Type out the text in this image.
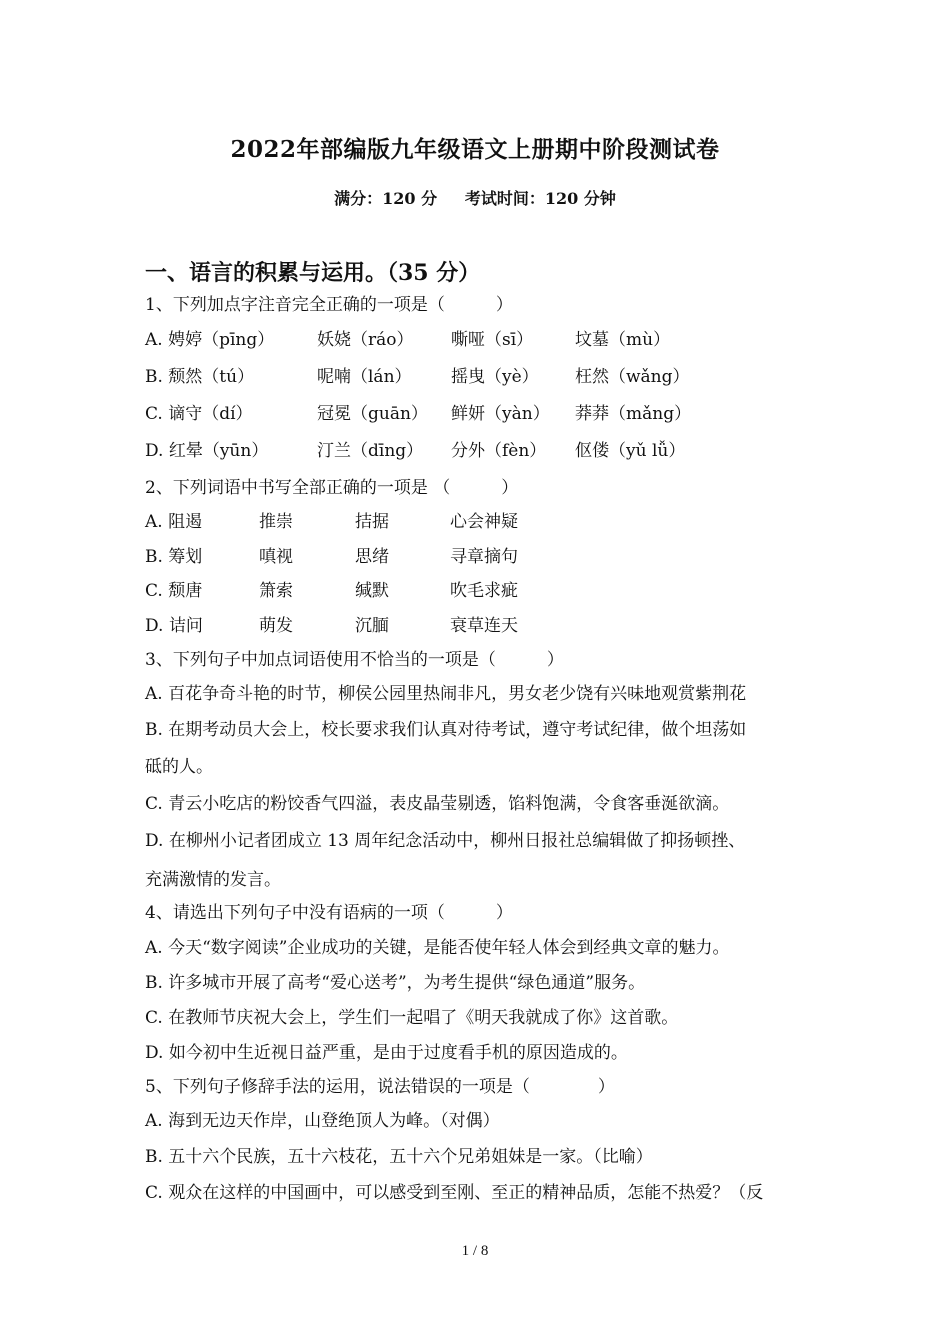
2022年部编版九年级语文上册期中阶段测试卷
满分：120 分     考试时间：120 分钟
一、语言的积累与运用。（35 分）
1、下列加点字注音完全正确的一项是（　　　）
A. 娉婷（pīng）	妖娆（ráo） 嘶哑（sī） 坟墓（mù）
B. 颓然（tú）	呢喃（lán） 摇曳（yè） 枉然（wǎng）
C. 谪守（dí）	冠冕（guān） 鲜妍（yàn） 莽莽（mǎng）
D. 红晕（yūn）	汀兰（dīng） 分外（fèn） 伛偻（yǔ lǚ）
2、下列词语中书写全部正确的一项是 （　　　）
A. 阻遏	推崇	拮据	心会神疑
B. 筹划	嗔视	思绪	寻章摘句
C. 颓唐	箫索	缄默	吹毛求疵
D. 诘问	萌发	沉腼	衰草连天
3、下列句子中加点词语使用不恰当的一项是（　　　）
A. 百花争奇斗艳的时节，柳侯公园里热闹非凡，男女老少饶有兴味地观赏紫荆花
B. 在期考动员大会上，校长要求我们认真对待考试，遵守考试纪律，做个坦荡如
砥的人。
C. 青云小吃店的粉饺香气四溢，表皮晶莹剔透，馅料饱满，令食客垂涎欲滴。
D. 在柳州小记者团成立 13 周年纪念活动中，柳州日报社总编辑做了抑扬顿挫、
充满激情的发言。
4、请选出下列句子中没有语病的一项（　　　）
A. 今天“数字阅读”企业成功的关键，是能否使年轻人体会到经典文章的魅力。
B. 许多城市开展了高考“爱心送考”，为考生提供“绿色通道”服务。
C. 在教师节庆祝大会上，学生们一起唱了《明天我就成了你》这首歌。
D. 如今初中生近视日益严重，是由于过度看手机的原因造成的。
5、下列句子修辞手法的运用，说法错误的一项是（　　　　）
A. 海到无边天作岸，山登绝顶人为峰。（对偶）
B. 五十六个民族，五十六枝花，五十六个兄弟姐妹是一家。（比喻）
C. 观众在这样的中国画中，可以感受到至刚、至正的精神品质，怎能不热爱？（反
1 / 8
